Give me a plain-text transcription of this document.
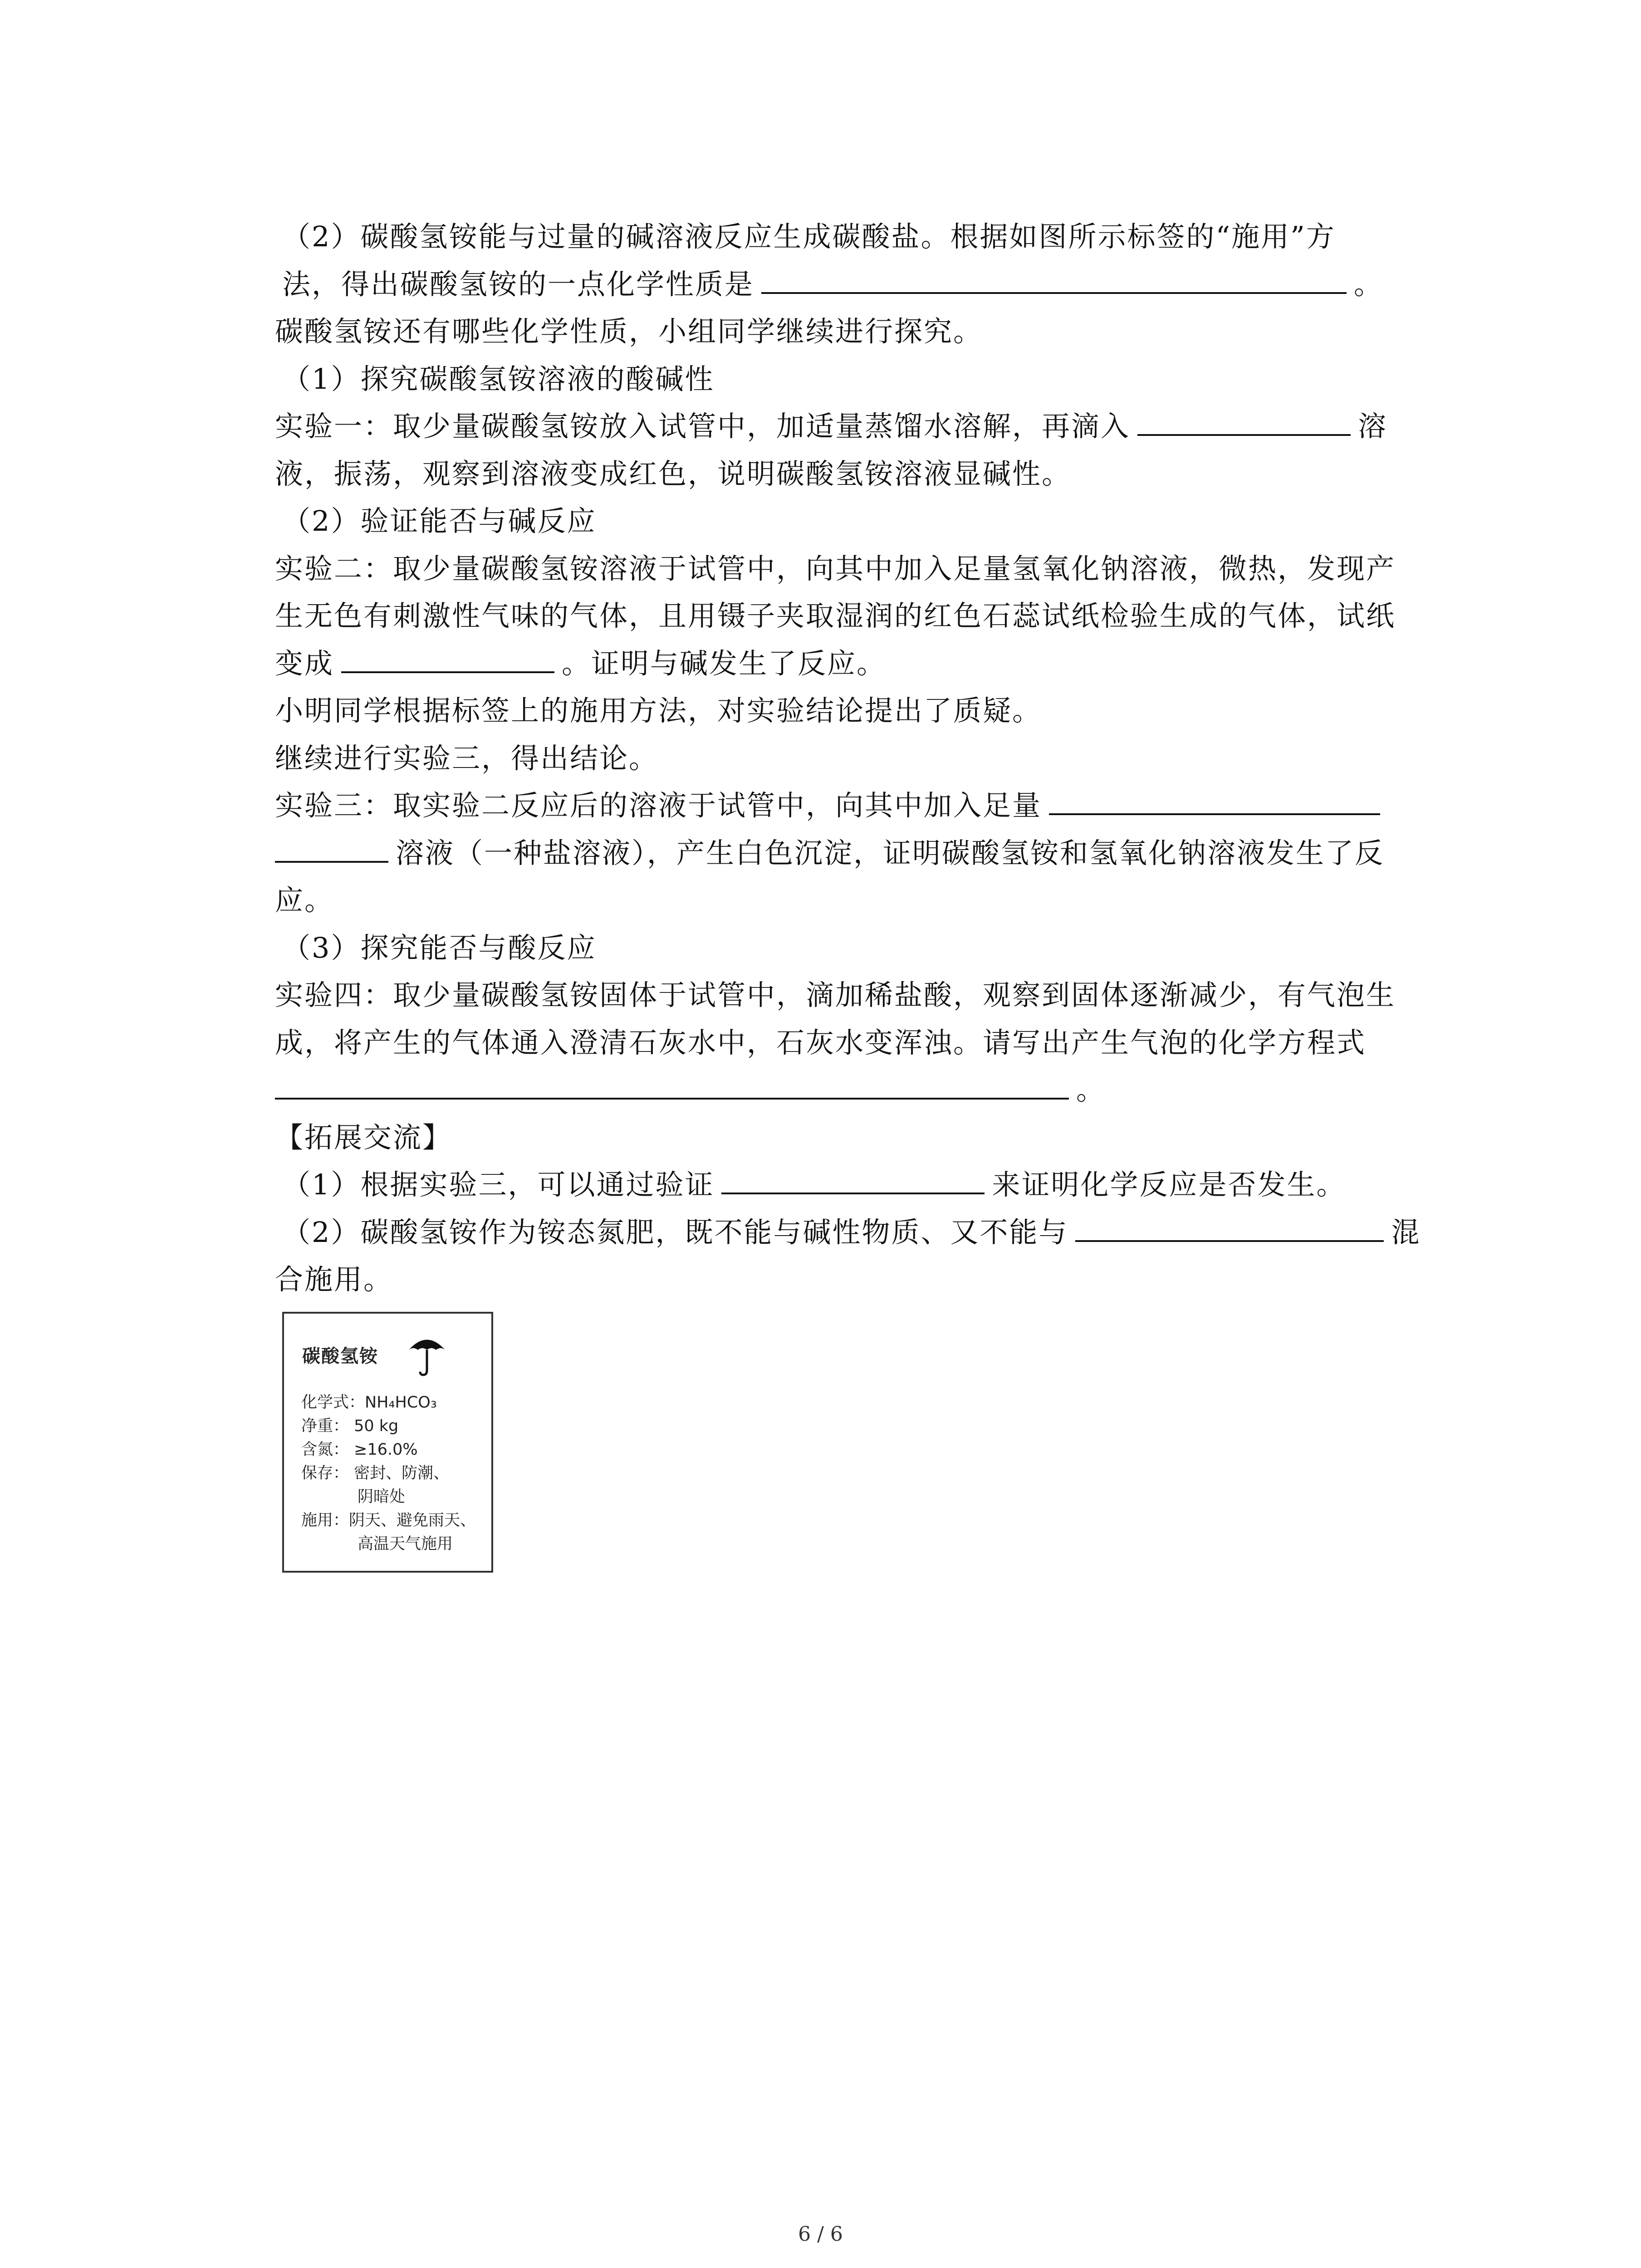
（2）碳酸氢铵能与过量的碱溶液反应生成碳酸盐。根据如图所示标签的“施用”方
法，得出碳酸氢铵的一点化学性质是	。
碳酸氢铵还有哪些化学性质，小组同学继续进行探究。
（1）探究碳酸氢铵溶液的酸碱性
实验一：取少量碳酸氢铵放入试管中，加适量蒸馏水溶解，再滴入	溶
液，振荡，观察到溶液变成红色，说明碳酸氢铵溶液显碱性。
（2）验证能否与碱反应
实验二：取少量碳酸氢铵溶液于试管中，向其中加入足量氢氧化钠溶液，微热，发现产
生无色有刺激性气味的气体，且用镊子夹取湿润的红色石蕊试纸检验生成的气体，试纸
变成	。证明与碱发生了反应。
小明同学根据标签上的施用方法，对实验结论提出了质疑。
继续进行实验三，得出结论。
实验三：取实验二反应后的溶液于试管中，向其中加入足量
溶液（一种盐溶液），产生白色沉淀，证明碳酸氢铵和氢氧化钠溶液发生了反
应。
（3）探究能否与酸反应
实验四：取少量碳酸氢铵固体于试管中，滴加稀盐酸，观察到固体逐渐减少，有气泡生
成，将产生的气体通入澄清石灰水中，石灰水变浑浊。请写出产生气泡的化学方程式
。
【拓展交流】
（1）根据实验三，可以通过验证	来证明化学反应是否发生。
（2）碳酸氢铵作为铵态氮肥，既不能与碱性物质、又不能与	混
合施用。
碳酸氢铵
化学式：NH₄HCO₃
净重： 50 kg
含氮： ≥16.0%
保存： 密封、防潮、
阴暗处
施用：阴天、避免雨天、
高温天气施用
6 / 6
